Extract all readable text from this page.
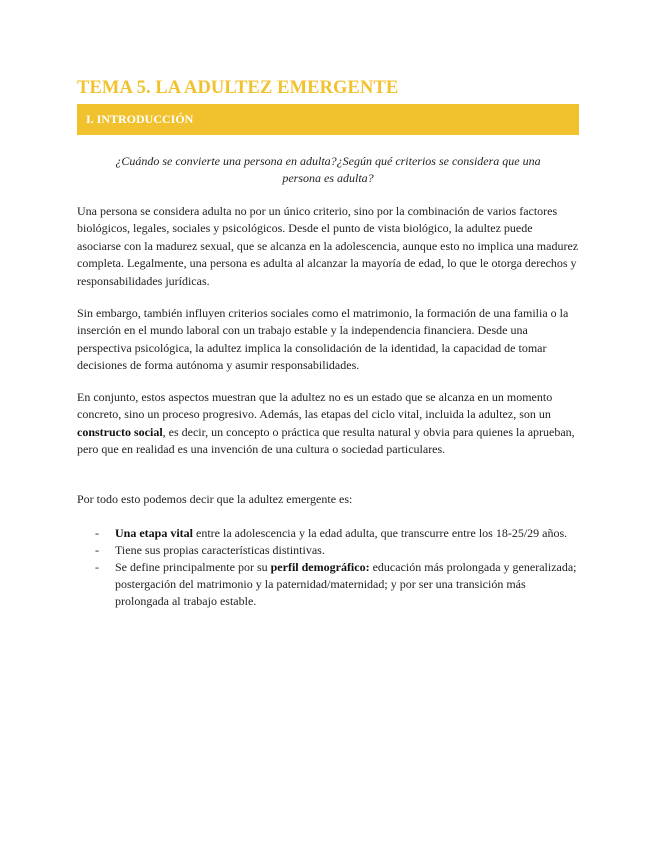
TEMA 5. LA ADULTEZ EMERGENTE
I. INTRODUCCIÓN
¿Cuándo se convierte una persona en adulta?¿Según qué criterios se considera que una persona es adulta?

Una persona se considera adulta no por un único criterio, sino por la combinación de varios factores biológicos, legales, sociales y psicológicos. Desde el punto de vista biológico, la adultez puede asociarse con la madurez sexual, que se alcanza en la adolescencia, aunque esto no implica una madurez completa. Legalmente, una persona es adulta al alcanzar la mayoría de edad, lo que le otorga derechos y responsabilidades jurídicas.

Sin embargo, también influyen criterios sociales como el matrimonio, la formación de una familia o la inserción en el mundo laboral con un trabajo estable y la independencia financiera. Desde una perspectiva psicológica, la adultez implica la consolidación de la identidad, la capacidad de tomar decisiones de forma autónoma y asumir responsabilidades.

En conjunto, estos aspectos muestran que la adultez no es un estado que se alcanza en un momento concreto, sino un proceso progresivo. Además, las etapas del ciclo vital, incluida la adultez, son un constructo social, es decir, un concepto o práctica que resulta natural y obvia para quienes la aprueban, pero que en realidad es una invención de una cultura o sociedad particulares.

Por todo esto podemos decir que la adultez emergente es:

- Una etapa vital entre la adolescencia y la edad adulta, que transcurre entre los 18-25/29 años.
- Tiene sus propias características distintivas.
- Se define principalmente por su perfil demográfico: educación más prolongada y generalizada; postergación del matrimonio y la paternidad/maternidad; y por ser una transición más prolongada al trabajo estable.
